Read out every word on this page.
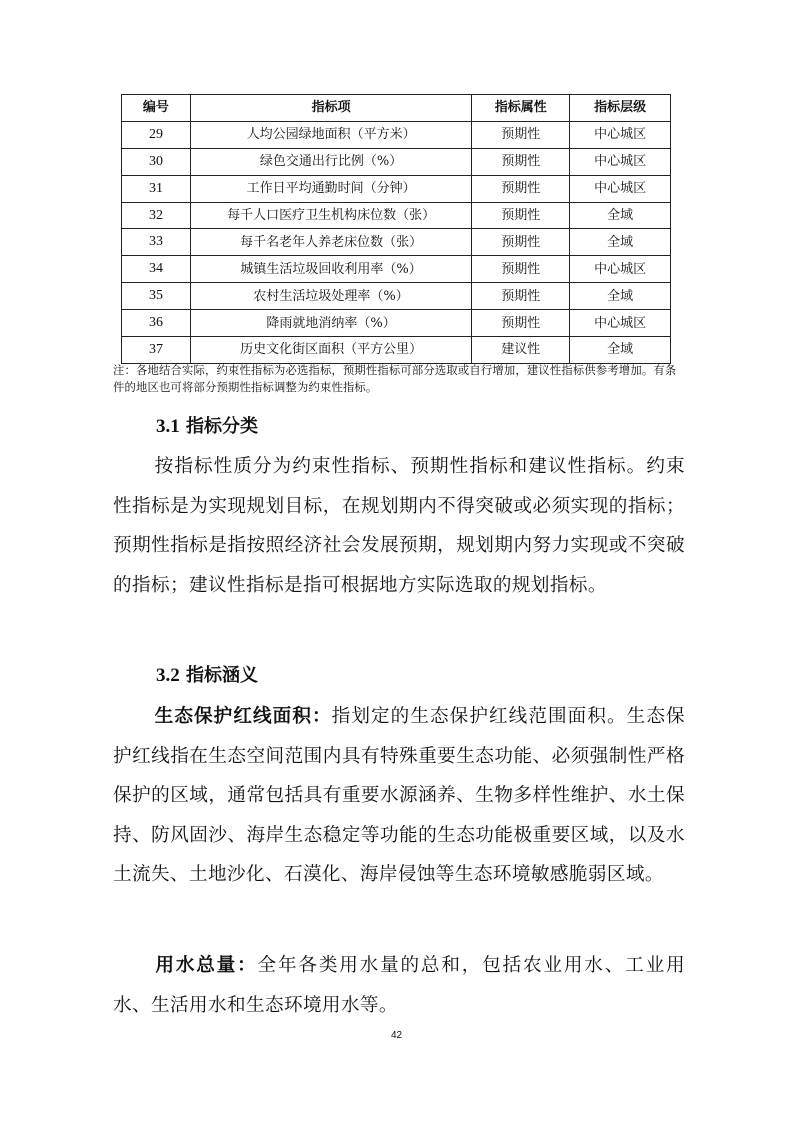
编号	指标项	指标属性	指标层级
29	人均公园绿地面积（平方米）	预期性	中心城区
30	绿色交通出行比例（%）	预期性	中心城区
31	工作日平均通勤时间（分钟）	预期性	中心城区
32	每千人口医疗卫生机构床位数（张）	预期性	全域
33	每千名老年人养老床位数（张）	预期性	全域
34	城镇生活垃圾回收利用率（%）	预期性	中心城区
35	农村生活垃圾处理率（%）	预期性	全域
36	降雨就地消纳率（%）	预期性	中心城区
37	历史文化街区面积（平方公里）	建议性	全域
注：各地结合实际，约束性指标为必选指标，预期性指标可部分选取或自行增加，建议性指标供参考增加。有条件的地区也可将部分预期性指标调整为约束性指标。
3.1 指标分类
按指标性质分为约束性指标、预期性指标和建议性指标。约束性指标是为实现规划目标，在规划期内不得突破或必须实现的指标；预期性指标是指按照经济社会发展预期，规划期内努力实现或不突破的指标；建议性指标是指可根据地方实际选取的规划指标。
3.2 指标涵义
生态保护红线面积：指划定的生态保护红线范围面积。生态保护红线指在生态空间范围内具有特殊重要生态功能、必须强制性严格保护的区域，通常包括具有重要水源涵养、生物多样性维护、水土保持、防风固沙、海岸生态稳定等功能的生态功能极重要区域，以及水土流失、土地沙化、石漠化、海岸侵蚀等生态环境敏感脆弱区域。
用水总量：全年各类用水量的总和，包括农业用水、工业用水、生活用水和生态环境用水等。
42
